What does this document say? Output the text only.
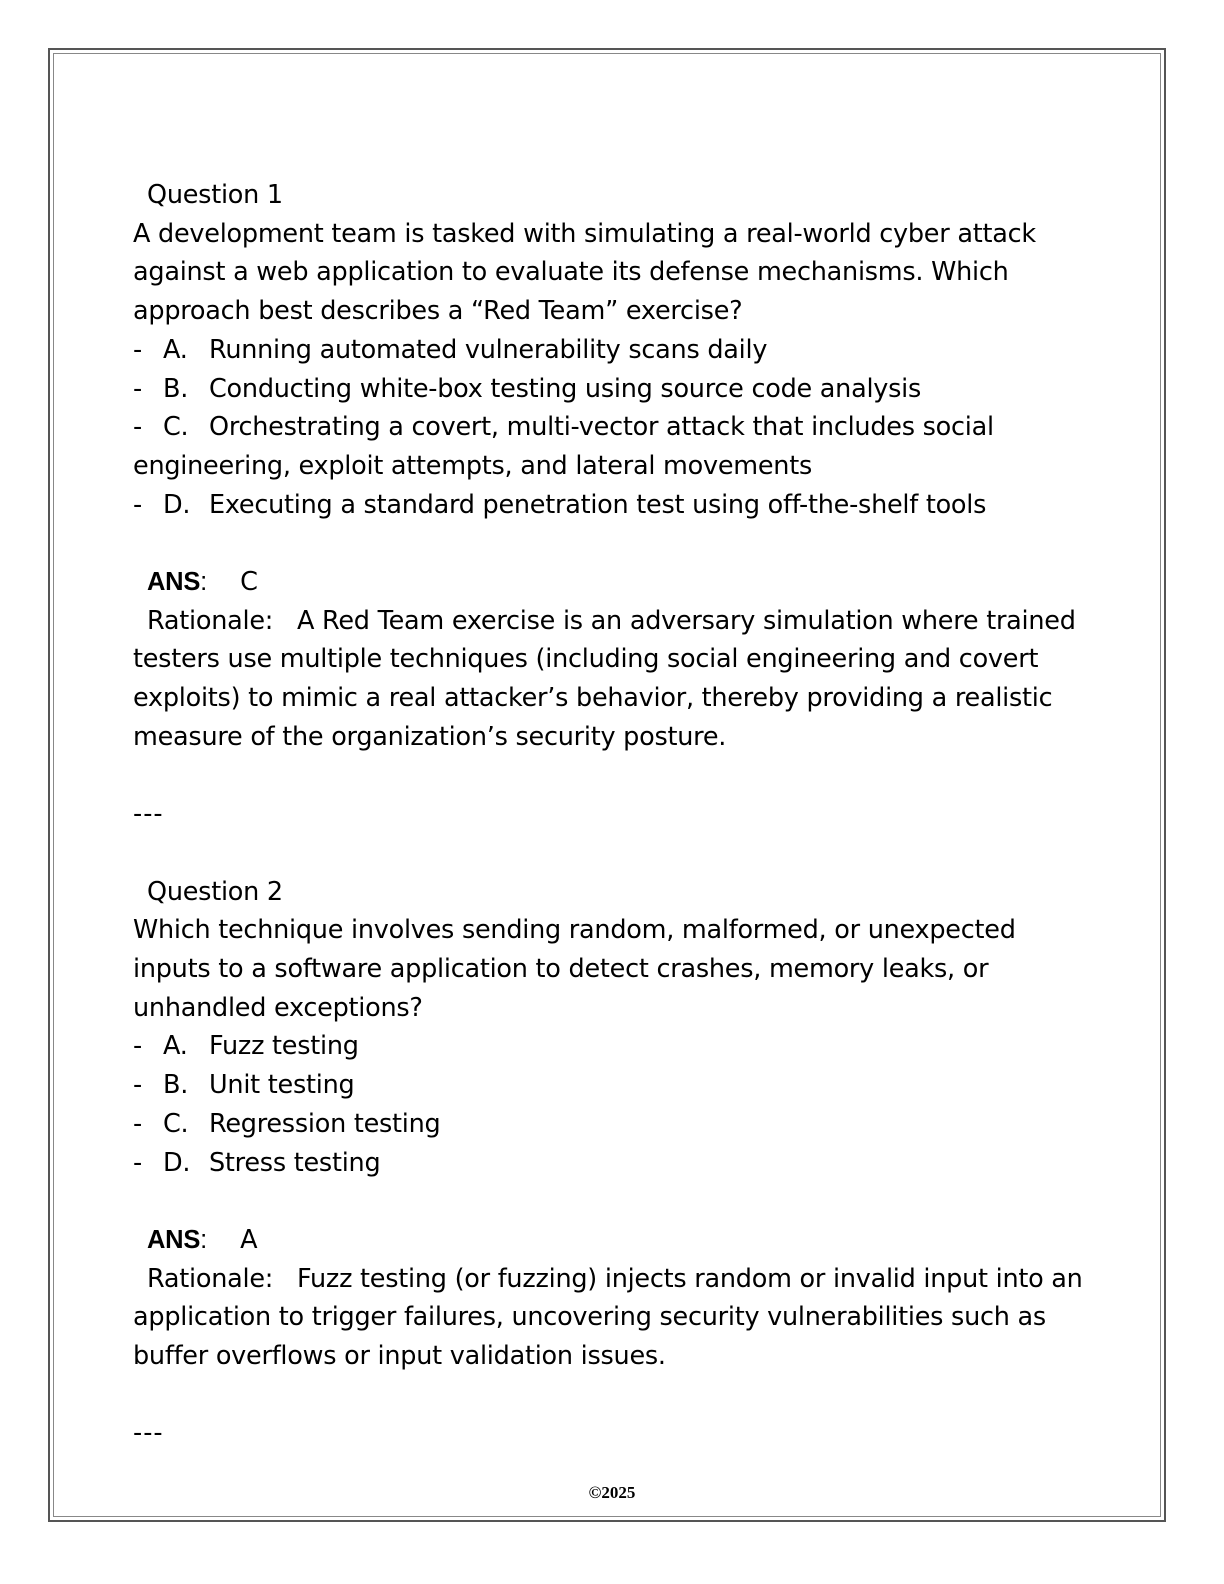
Question 1
A development team is tasked with simulating a real-world cyber attack against a web application to evaluate its defense mechanisms. Which approach best describes a “Red Team” exercise?
- A. Running automated vulnerability scans daily
- B. Conducting white-box testing using source code analysis
- C. Orchestrating a covert, multi-vector attack that includes social engineering, exploit attempts, and lateral movements
- D. Executing a standard penetration test using off-the-shelf tools
ANS: C
Rationale: A Red Team exercise is an adversary simulation where trained testers use multiple techniques (including social engineering and covert exploits) to mimic a real attacker’s behavior, thereby providing a realistic measure of the organization’s security posture.
---
Question 2
Which technique involves sending random, malformed, or unexpected inputs to a software application to detect crashes, memory leaks, or unhandled exceptions?
- A. Fuzz testing
- B. Unit testing
- C. Regression testing
- D. Stress testing
ANS: A
Rationale: Fuzz testing (or fuzzing) injects random or invalid input into an application to trigger failures, uncovering security vulnerabilities such as buffer overflows or input validation issues.
---
©2025
